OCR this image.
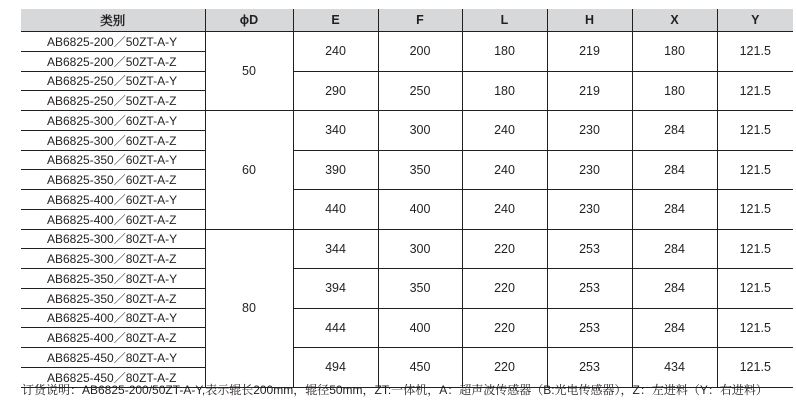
类别	ϕD	E	F	L	H	X	Y
AB6825-200／50ZT-A-Y	50	240	200	180	219	180	121.5
AB6825-200／50ZT-A-Z							
AB6825-250／50ZT-A-Y		290	250	180	219	180	121.5
AB6825-250／50ZT-A-Z							
AB6825-300／60ZT-A-Y	60	340	300	240	230	284	121.5
AB6825-300／60ZT-A-Z							
AB6825-350／60ZT-A-Y		390	350	240	230	284	121.5
AB6825-350／60ZT-A-Z							
AB6825-400／60ZT-A-Y		440	400	240	230	284	121.5
AB6825-400／60ZT-A-Z							
AB6825-300／80ZT-A-Y	80	344	300	220	253	284	121.5
AB6825-300／80ZT-A-Z							
AB6825-350／80ZT-A-Y		394	350	220	253	284	121.5
AB6825-350／80ZT-A-Z							
AB6825-400／80ZT-A-Y		444	400	220	253	284	121.5
AB6825-400／80ZT-A-Z							
AB6825-450／80ZT-A-Y		494	450	220	253	434	121.5
AB6825-450／80ZT-A-Z							
订货说明：AB6825-200/50ZT-A-Y,表示辊长200mm，辊径50mm，ZT:一体机，A：超声波传感器（B:光电传感器），Z：左进料（Y：右进料）
